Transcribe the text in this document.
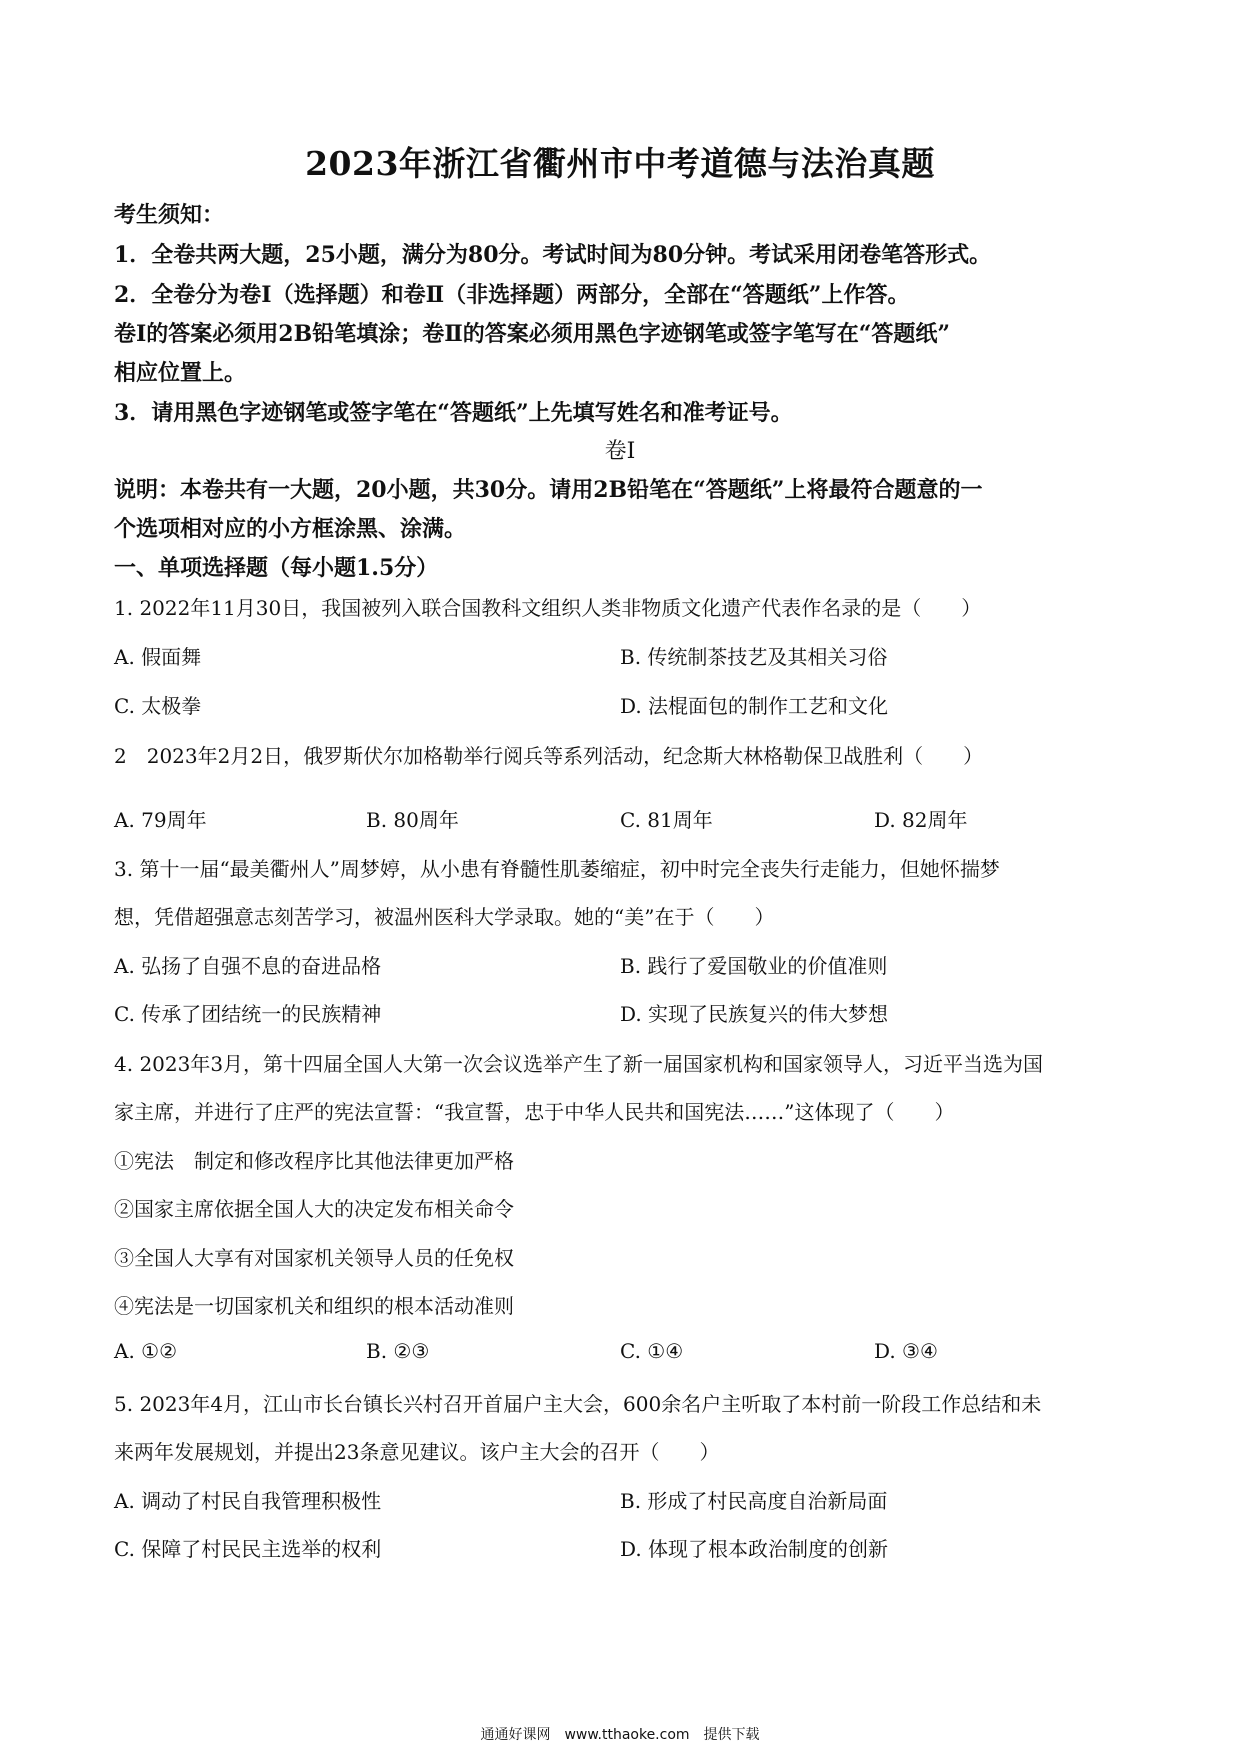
2023年浙江省衢州市中考道德与法治真题
考生须知：
1．全卷共两大题，25小题，满分为80分。考试时间为80分钟。考试采用闭卷笔答形式。
2．全卷分为卷Ⅰ（选择题）和卷Ⅱ（非选择题）两部分，全部在“答题纸”上作答。
卷Ⅰ的答案必须用2B铅笔填涂；卷Ⅱ的答案必须用黑色字迹钢笔或签字笔写在“答题纸”
相应位置上。
3．请用黑色字迹钢笔或签字笔在“答题纸”上先填写姓名和准考证号。
卷Ⅰ
说明：本卷共有一大题，20小题，共30分。请用2B铅笔在“答题纸”上将最符合题意的一
个选项相对应的小方框涂黑、涂满。
一、单项选择题（每小题1.5分）
1. 2022年11月30日，我国被列入联合国教科文组织人类非物质文化遗产代表作名录的是（　　）
A. 假面舞	B. 传统制茶技艺及其相关习俗
C. 太极拳	D. 法棍面包的制作工艺和文化
2　2023年2月2日，俄罗斯伏尔加格勒举行阅兵等系列活动，纪念斯大林格勒保卫战胜利（　　）
A. 79周年	B. 80周年	C. 81周年	D. 82周年
3. 第十一届“最美衢州人”周梦婷，从小患有脊髓性肌萎缩症，初中时完全丧失行走能力，但她怀揣梦
想，凭借超强意志刻苦学习，被温州医科大学录取。她的“美”在于（　　）
A. 弘扬了自强不息的奋进品格	B. 践行了爱国敬业的价值准则
C. 传承了团结统一的民族精神	D. 实现了民族复兴的伟大梦想
4. 2023年3月，第十四届全国人大第一次会议选举产生了新一届国家机构和国家领导人，习近平当选为国
家主席，并进行了庄严的宪法宣誓：“我宣誓，忠于中华人民共和国宪法……”这体现了（　　）
①宪法　制定和修改程序比其他法律更加严格
②国家主席依据全国人大的决定发布相关命令
③全国人大享有对国家机关领导人员的任免权
④宪法是一切国家机关和组织的根本活动准则
A. ①②	B. ②③	C. ①④	D. ③④
5. 2023年4月，江山市长台镇长兴村召开首届户主大会，600余名户主听取了本村前一阶段工作总结和未
来两年发展规划，并提出23条意见建议。该户主大会的召开（　　）
A. 调动了村民自我管理积极性	B. 形成了村民高度自治新局面
C. 保障了村民民主选举的权利	D. 体现了根本政治制度的创新
通通好课网　www.tthaoke.com　提供下载
